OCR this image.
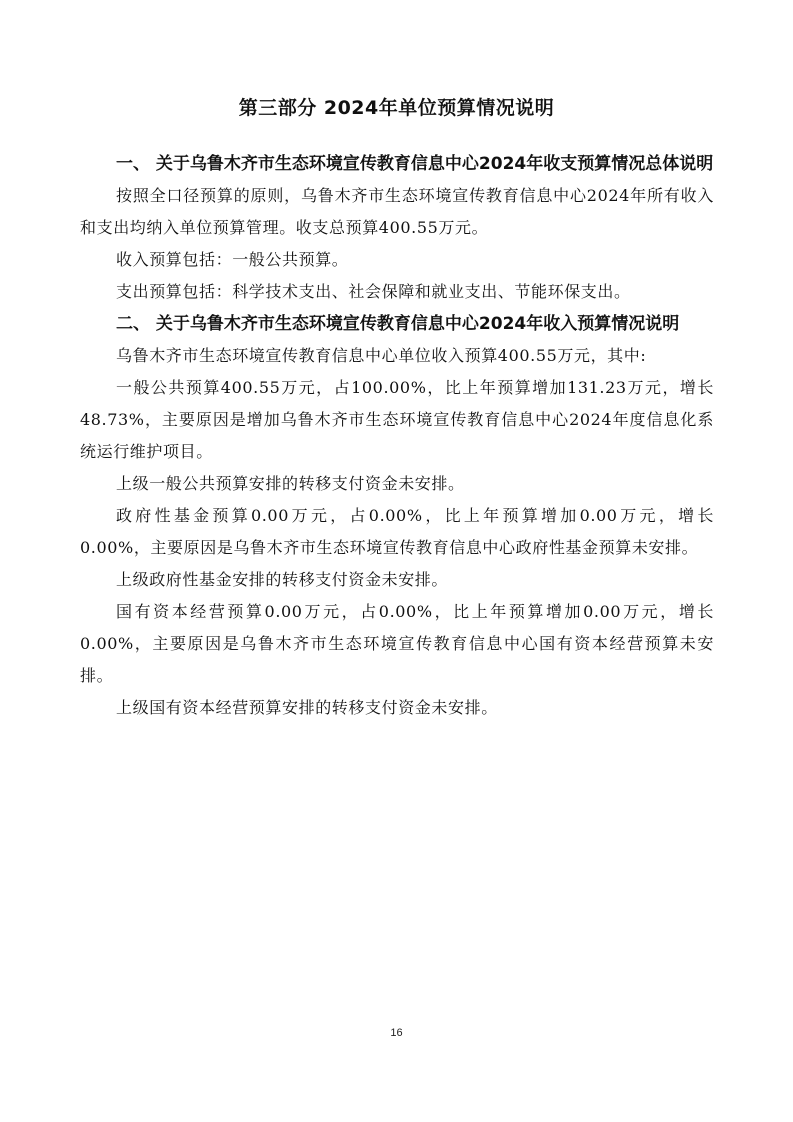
第三部分 2024年单位预算情况说明
一、 关于乌鲁木齐市生态环境宣传教育信息中心2024年收支预算情况总体说明

按照全口径预算的原则，乌鲁木齐市生态环境宣传教育信息中心2024年所有收入和支出均纳入单位预算管理。收支总预算400.55万元。

收入预算包括：一般公共预算。

支出预算包括：科学技术支出、社会保障和就业支出、节能环保支出。

二、 关于乌鲁木齐市生态环境宣传教育信息中心2024年收入预算情况说明

乌鲁木齐市生态环境宣传教育信息中心单位收入预算400.55万元，其中:

一般公共预算400.55万元，占100.00%，比上年预算增加131.23万元，增长48.73%，主要原因是增加乌鲁木齐市生态环境宣传教育信息中心2024年度信息化系统运行维护项目。

上级一般公共预算安排的转移支付资金未安排。

政府性基金预算0.00万元，占0.00%，比上年预算增加0.00万元，增长0.00%，主要原因是乌鲁木齐市生态环境宣传教育信息中心政府性基金预算未安排。

上级政府性基金安排的转移支付资金未安排。

国有资本经营预算0.00万元，占0.00%，比上年预算增加0.00万元，增长0.00%，主要原因是乌鲁木齐市生态环境宣传教育信息中心国有资本经营预算未安排。

上级国有资本经营预算安排的转移支付资金未安排。

16
